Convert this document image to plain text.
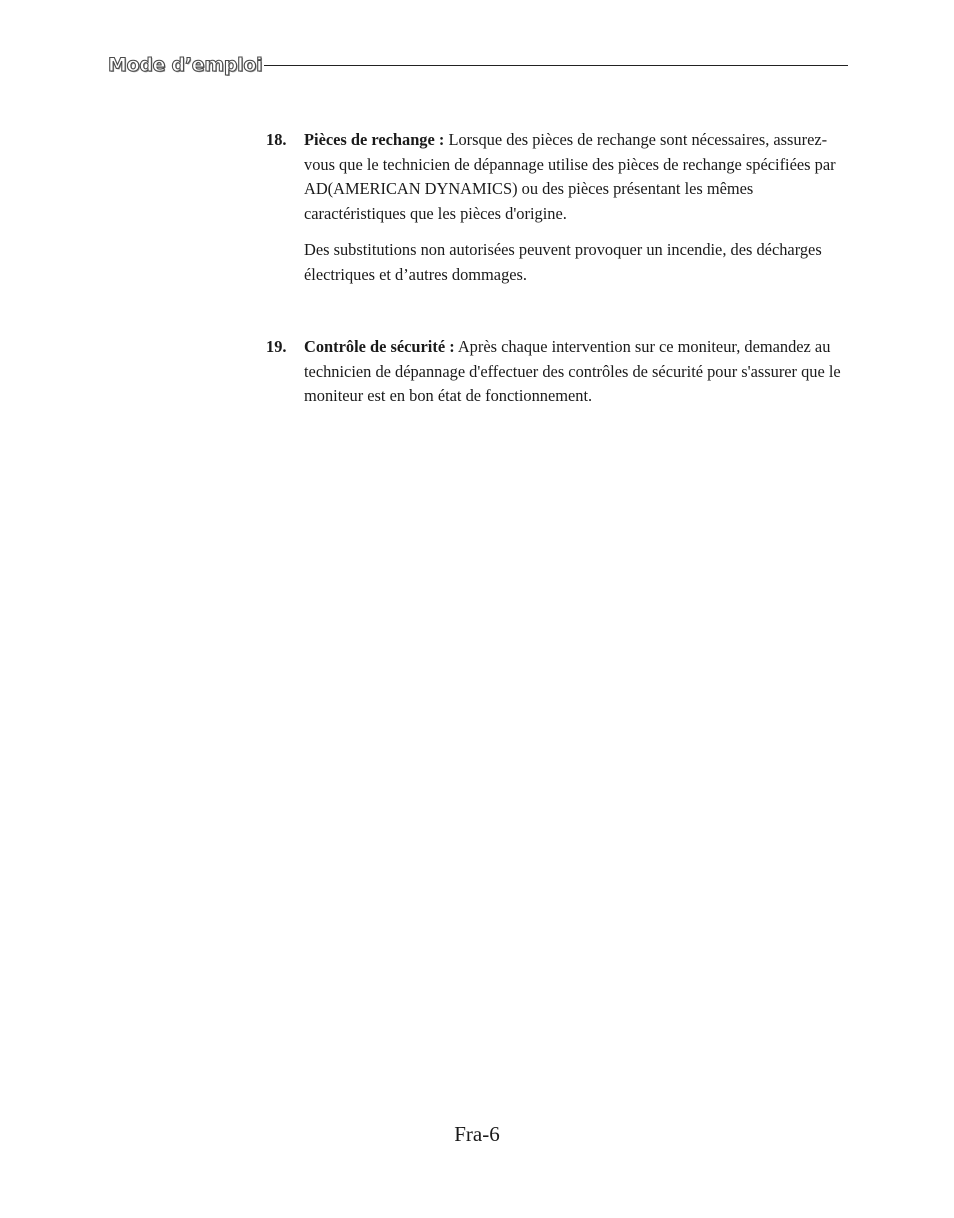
Mode d’emploi
18. Pièces de rechange : Lorsque des pièces de rechange sont nécessaires, assurez-vous que le technicien de dépannage utilise des pièces de rechange spécifiées par AD(AMERICAN DYNAMICS) ou des pièces présentant les mêmes caractéristiques que les pièces d'origine.

Des substitutions non autorisées peuvent provoquer un incendie, des décharges électriques et d’autres dommages.

19. Contrôle de sécurité : Après chaque intervention sur ce moniteur, demandez au technicien de dépannage d'effectuer des contrôles de sécurité pour s'assurer que le moniteur est en bon état de fonctionnement.

Fra-6
